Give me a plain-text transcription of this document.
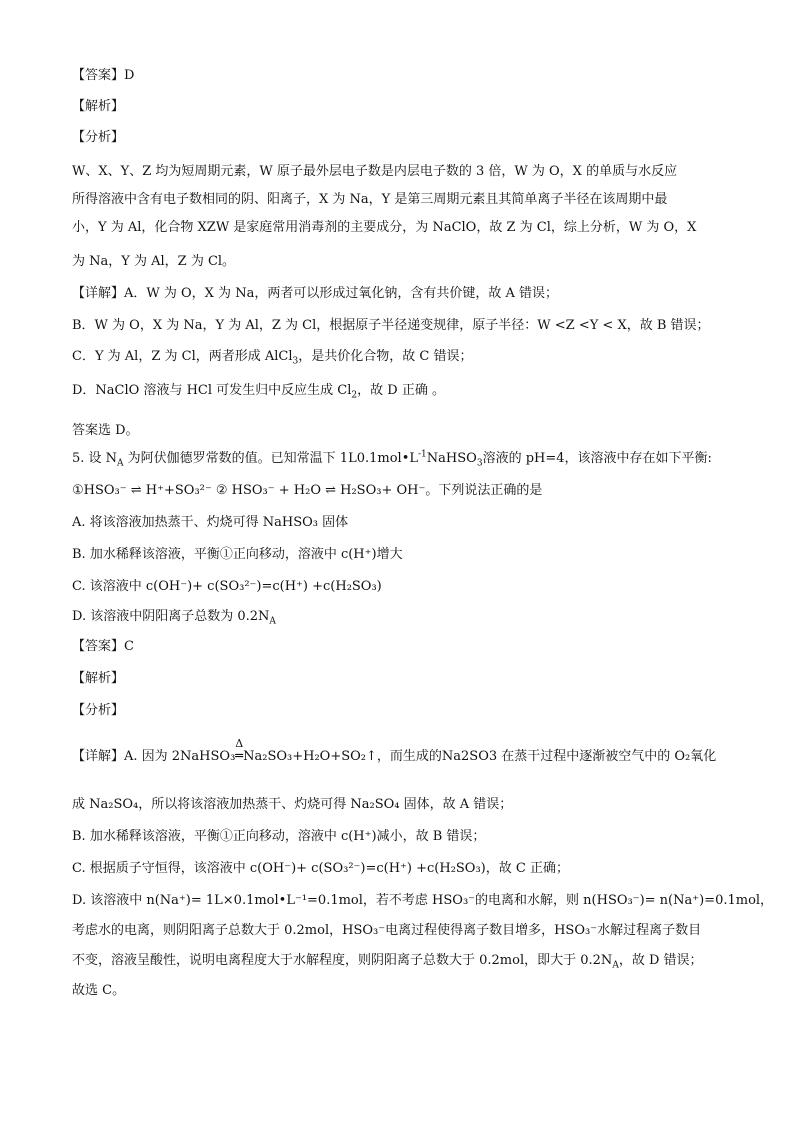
【答案】D
【解析】
【分析】
W、X、Y、Z 均为短周期元素，W 原子最外层电子数是内层电子数的 3 倍，W 为 O，X 的单质与水反应
所得溶液中含有电子数相同的阴、阳离子，X 为 Na，Y 是第三周期元素且其简单离子半径在该周期中最
小，Y 为 Al，化合物 XZW 是家庭常用消毒剂的主要成分，为 NaClO，故 Z 为 Cl，综上分析，W 为 O，X
为 Na，Y 为 Al，Z 为 Cl。
【详解】A．W 为 O，X 为 Na，两者可以形成过氧化钠，含有共价键，故 A 错误；
B．W 为 O，X 为 Na，Y 为 Al，Z 为 Cl，根据原子半径递变规律，原子半径：W <Z <Y < X，故 B 错误；
C．Y 为 Al，Z 为 Cl，两者形成 AlCl$_3$，是共价化合物，故 C 错误；
D．NaClO 溶液与 HCl 可发生归中反应生成 $Cl_2$，故 D 正确 。
答案选 D。
5. 设 $N_A$ 为阿伏伽德罗常数的值。已知常温下 $1L0.1mol•L^{-1}NaHSO_3$溶液的 pH=4，该溶液中存在如下平衡:
①HSO₃⁻ ⇌ H⁺+SO₃²⁻ ② HSO₃⁻ + H₂O ⇌ H₂SO₃+ OH⁻。下列说法正确的是
A. 将该溶液加热蒸干、灼烧可得 NaHSO₃ 固体
B. 加水稀释该溶液，平衡①正向移动，溶液中 c(H⁺)增大
C. 该溶液中 c(OH⁻)+ c(SO₃²⁻)=c(H⁺) +c(H₂SO₃)
D. 该溶液中阴阳离子总数为 $0.2N_A$
【答案】C
【解析】
【分析】
【详解】A. 因为 2NaHSO₃
Δ
═Na₂SO₃+H₂O+SO₂↑，而生成的Na2SO3 在蒸干过程中逐渐被空气中的 O₂氧化
成 Na₂SO₄，所以将该溶液加热蒸干、灼烧可得 Na₂SO₄ 固体，故 A 错误；
B. 加水稀释该溶液，平衡①正向移动，溶液中 c(H⁺)减小，故 B 错误；
C. 根据质子守恒得，该溶液中 c(OH⁻)+ c(SO₃²⁻)=c(H⁺) +c(H₂SO₃)，故 C 正确；
D. 该溶液中 n(Na⁺)= 1L×0.1mol•L⁻¹=0.1mol，若不考虑 HSO₃⁻的电离和水解，则 n(HSO₃⁻)= n(Na⁺)=0.1mol，
考虑水的电离，则阴阳离子总数大于 0.2mol，HSO₃⁻电离过程使得离子数目增多，HSO₃⁻水解过程离子数目
不变，溶液呈酸性，说明电离程度大于水解程度，则阴阳离子总数大于 0.2mol，即大于 $0.2N_A$，故 D 错误；
故选 C。
